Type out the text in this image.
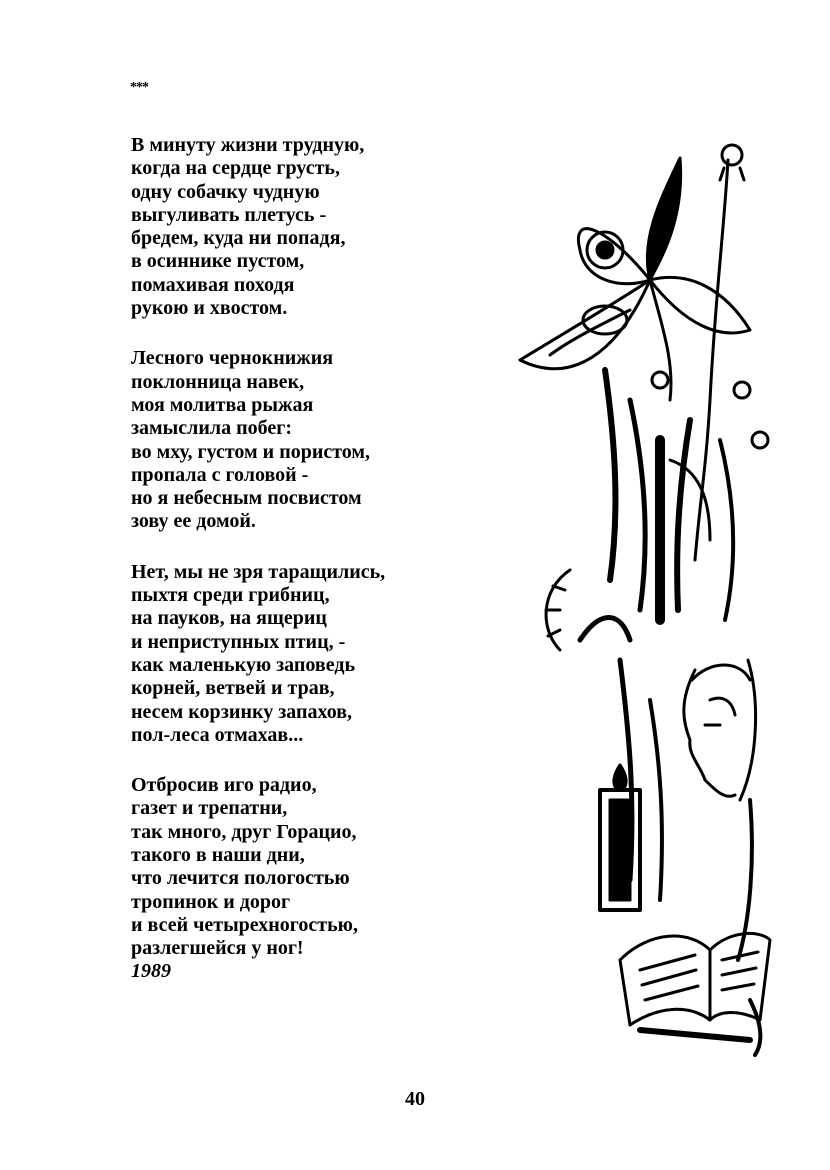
***
В минуту жизни трудную,
когда на сердце грусть,
одну собачку чудную
выгуливать плетусь -
бредем, куда ни попадя,
в осиннике пустом,
помахивая походя
рукою и хвостом.
Лесного чернокнижия
поклонница навек,
моя молитва рыжая
замыслила побег:
во мху, густом и пористом,
пропала с головой -
но я небесным посвистом
зову ее домой.
Нет, мы не зря таращились,
пыхтя среди грибниц,
на пауков, на ящериц
и неприступных птиц, -
как маленькую заповедь
корней, ветвей и трав,
несем корзинку запахов,
пол-леса отмахав...
Отбросив иго радио,
газет и трепатни,
так много, друг Горацио,
такого в наши дни,
что лечится пологостью
тропинок и дорог
и всей четырехногостью,
разлегшейся у ног!
1989
40
